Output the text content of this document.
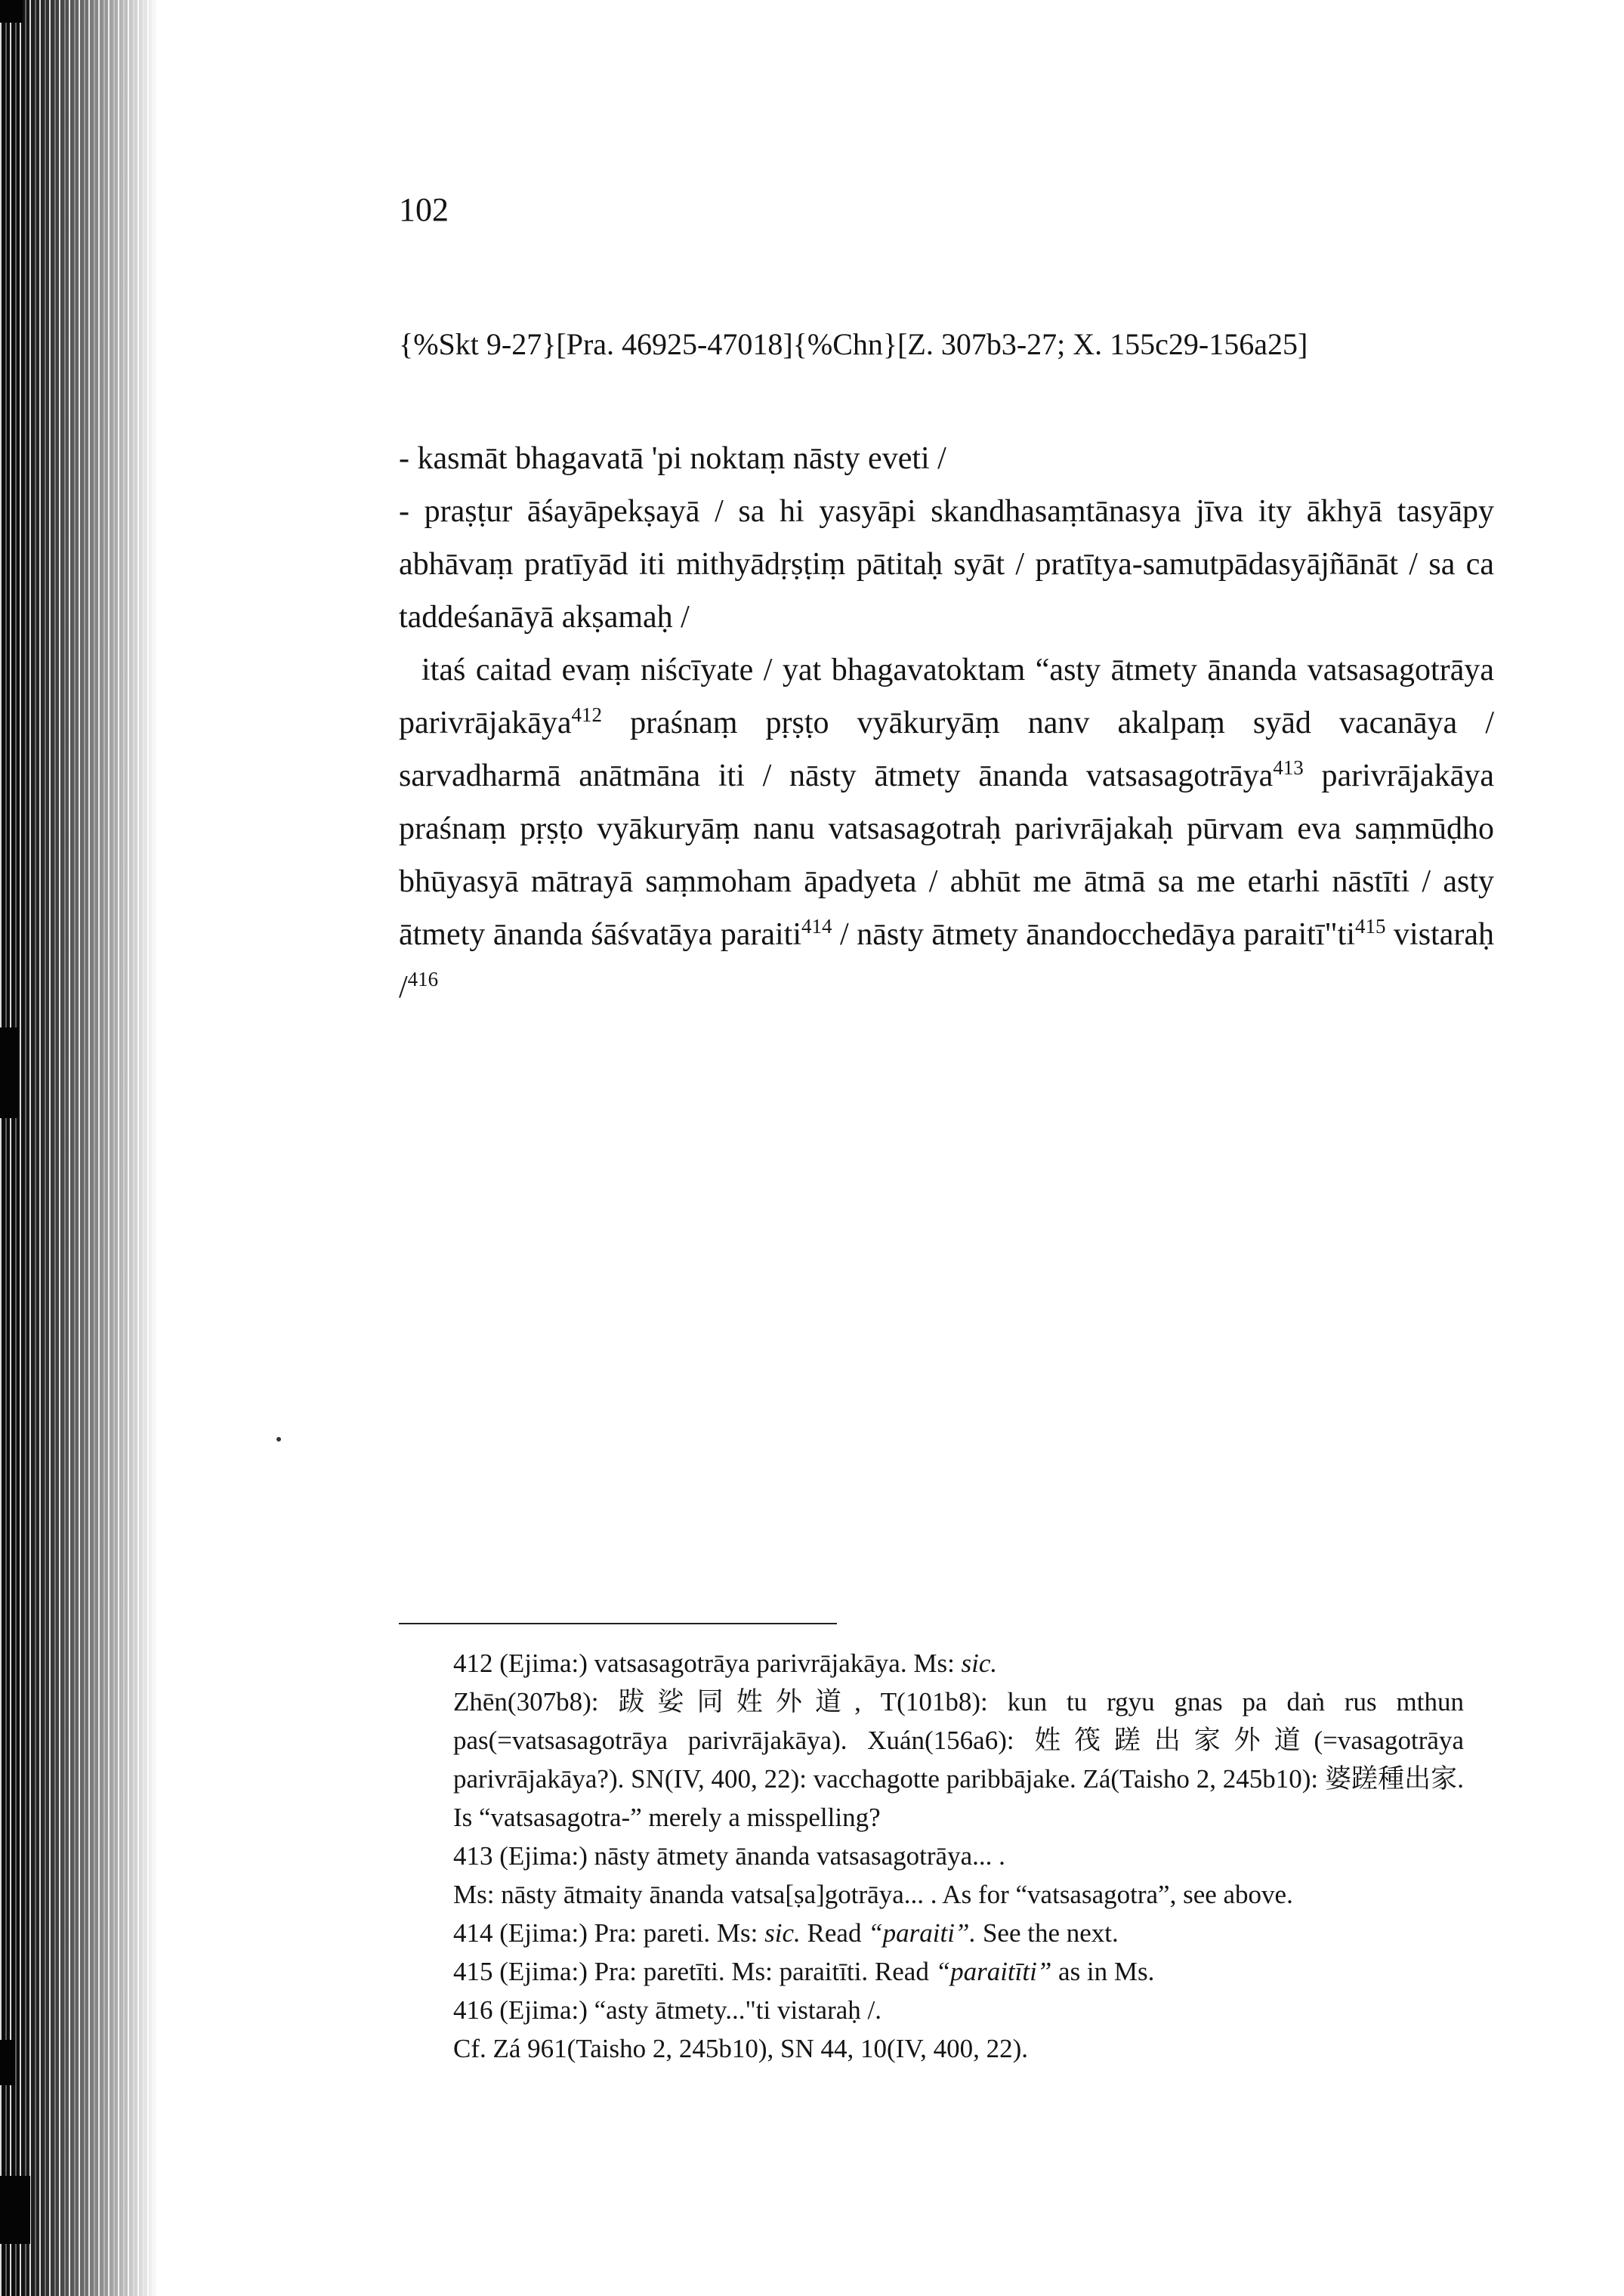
102
{%Skt 9-27}[Pra. 46925-47018]{%Chn}[Z. 307b3-27; X. 155c29-156a25]

- kasmāt bhagavatā 'pi noktaṃ nāsty eveti /

- praṣṭur āśayāpekṣayā / sa hi yasyāpi skandhasaṃtānasya jīva ity ākhyā tasyāpy abhāvaṃ pratīyād iti mithyādṛṣṭiṃ pātitaḥ syāt / pratītya-samutpādasyājñānāt / sa ca taddeśanāyā akṣamaḥ /

itaś caitad evaṃ niścīyate / yat bhagavatoktam “asty ātmety ānanda vatsasagotrāya parivrājakāya$^{412}$ praśnaṃ pṛṣṭo vyākuryāṃ nanv akalpaṃ syād vacanāya / sarvadharmā anātmāna iti / nāsty ātmety ānanda vatsasagotrāya$^{413}$ parivrājakāya praśnaṃ pṛṣṭo vyākuryāṃ nanu vatsasagotraḥ parivrājakaḥ pūrvam eva saṃmūḍho bhūyasyā mātrayā saṃmoham āpadyeta / abhūt me ātmā sa me etarhi nāstīti / asty ātmety ānanda śāśvatāya paraiti$^{414}$ / nāsty ātmety ānandocchedāya $paraitī"ti^{415}$ vistaraḥ /$^{416}$

412 (Ejima:) vatsasagotrāya parivrājakāya. Ms: sic.

Zhēn(307b8): 跋娑同姓外道, T(101b8): kun tu rgyu gnas pa daṅ rus mthun pas(=vatsasagotrāya parivrājakāya). Xuán(156a6): 姓筏蹉出家外道(=vasagotrāya parivrājakāya?). SN(IV, 400, 22): vacchagotte paribbājake. Zá(Taisho 2, 245b10): 婆蹉種出家. Is “vatsasagotra-” merely a misspelling?

413 (Ejima:) nāsty ātmety ānanda vatsasagotrāya... .

Ms: nāsty ātmaity ānanda vatsa[ṣa]gotrāya... . As for “vatsasagotra”, see above.

414 (Ejima:) Pra: pareti. Ms: sic. Read “paraiti”. See the next.

415 (Ejima:) Pra: paretīti. Ms: paraitīti. Read “paraitīti” as in Ms.

416 (Ejima:) “asty ātmety..."ti vistaraḥ /.

Cf. Zá 961(Taisho 2, 245b10), SN 44, 10(IV, 400, 22).
